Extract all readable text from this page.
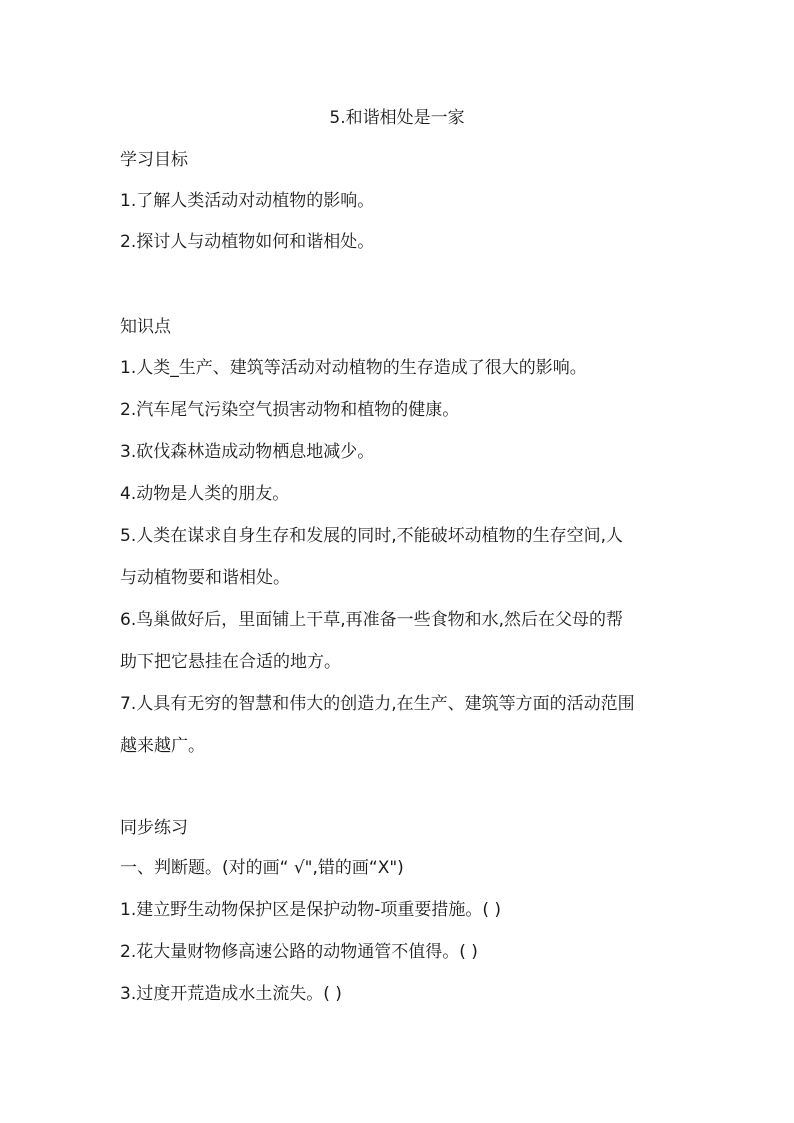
5.和谐相处是一家
学习目标
1.了解人类活动对动植物的影响。
2.探讨人与动植物如何和谐相处。
知识点
1.人类_生产、建筑等活动对动植物的生存造成了很大的影响。
2.汽车尾气污染空气损害动物和植物的健康。
3.砍伐森林造成动物栖息地减少。
4.动物是人类的朋友。
5.人类在谋求自身生存和发展的同时,不能破坏动植物的生存空间,人
与动植物要和谐相处。
6.鸟巢做好后，里面铺上干草,再准备一些食物和水,然后在父母的帮
助下把它悬挂在合适的地方。
7.人具有无穷的智慧和伟大的创造力,在生产、建筑等方面的活动范围
越来越广。
同步练习
一、判断题。(对的画“ √",错的画“X")
1.建立野生动物保护区是保护动物-项重要措施。( )
2.花大量财物修高速公路的动物通管不值得。( )
3.过度开荒造成水土流失。( )
